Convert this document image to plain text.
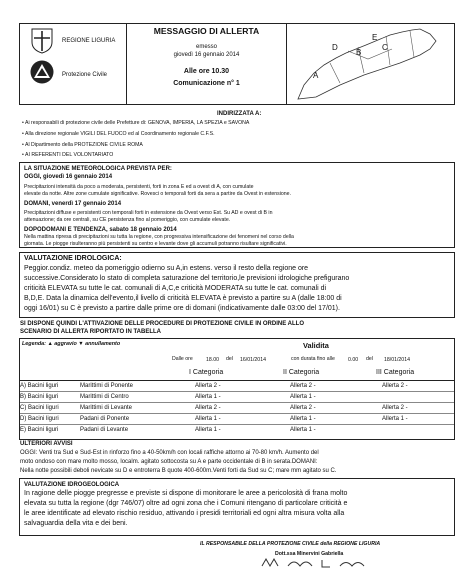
REGIONE LIGURIA
Protezione Civile
MESSAGGIO DI ALLERTA
emesso
giovedì 16 gennaio 2014
Alle ore 10.30
Comunicazione n° 1
A
B
C
D
E
INDIRIZZATA A:
• Ai responsabili di protezione civile delle Prefetture di: GENOVA, IMPERIA, LA SPEZIA e SAVONA
• Alla direzione regionale VIGILI DEL FUOCO ed al Coordinamento regionale C.F.S.
• Al Dipartimento della PROTEZIONE CIVILE ROMA
• AI REFERENTI DEL VOLONTARIATO
LA SITUAZIONE METEOROLOGICA PREVISTA PER:
OGGI, giovedì 16 gennaio 2014
Precipitazioni intensità da poco a moderata, persistenti, forti in zona E ed a ovest di A, con cumulate
elevate da notte. Altre zone cumulate significative. Rovesci o temporali forti da sera a partire da Ovest in estensione.
DOMANI, venerdì 17 gennaio 2014
Precipitazioni diffuse e persistenti con temporali forti in estensione da Ovest verso Est. Su AD e ovest di B in
attenuazione; da ore centrali, su CE persistenza fino al pomeriggio, con cumulate elevate.
DOPODOMANI E TENDENZA, sabato 18 gennaio 2014
Nella mattina ripresa di precipitazioni su tutta la regione, con progressiva intensificazione dei fenomeni nel corso della
giornata. Le piogge risulteranno più persistenti su centro e levante dove gli accumuli potranno risultare significativi.
VALUTAZIONE IDROLOGICA:
Peggior.condiz. meteo da pomeriggio odierno su A,in estens. verso il resto della regione ore
successive.Considerato lo stato di completa saturazione del territorio,le previsioni idrologiche prefigurano
criticità ELEVATA su tutte le cat. comunali di A,C,e criticità MODERATA su tutte le cat. comunali di
B,D,E. Data la dinamica dell'evento,il livello di criticità ELEVATA è previsto a partire su A (dalle 18:00 di
oggi 16/01) su C è previsto a partire dalle prime ore di domani (indicativamente dalle 03:00 del 17/01).
SI DISPONE QUINDI L'ATTIVAZIONE DELLE PROCEDURE DI PROTEZIONE CIVILE IN ORDINE ALLO
SCENARIO DI ALLERTA RIPORTATO IN TABELLA
Legenda: ▲ aggravio ▼ annullamento	Validita
Dalle ore	18.00 del 16/01/2014	con durata fino alle	0.00 del 18/01/2014
I Categoria	II Categoria	III Categoria
A) Bacini liguri	Marittimi di Ponente	Allerta 2 -	Allerta 2 -	Allerta 2 -
B) Bacini liguri	Marittimi di Centro	Allerta 1 -	Allerta 1 -
C) Bacini liguri	Marittimi di Levante	Allerta 2 -	Allerta 2 -	Allerta 2 -
D) Bacini liguri	Padani di Ponente	Allerta 1 -	Allerta 1 -	Allerta 1 -
E) Bacini liguri	Padani di Levante	Allerta 1 -	Allerta 1 -
ULTERIORI AVVISI
OGGI: Venti tra Sud e Sud-Est in rinforzo fino a 40-50km/h con locali raffiche attorno ai 70-80 km/h. Aumento del
moto ondoso con mare molto mosso, localm. agitato sottocosta su A e parte occidentale di B in serata.DOMANI:
Nella notte possibili deboli nevicate su D e entroterra B quote 400-600m.Venti forti da Sud su C; mare mm agitato su C.
VALUTAZIONE IDROGEOLOGICA
In ragione delle piogge pregresse e previste si dispone di monitorare le aree a pericolosità di frana molto
elevata su tutta la regione (dgr 746/07) oltre ad ogni zona che i Comuni ritengano di particolare criticità e
le aree identificate ad elevato rischio residuo, attivando i presidi territoriali ed ogni altra misura volta alla
salvaguardia della vita e dei beni.
IL RESPONSABILE DELLA PROTEZIONE CIVILE della REGIONE LIGURIA
Dott.ssa Minervini Gabriella
